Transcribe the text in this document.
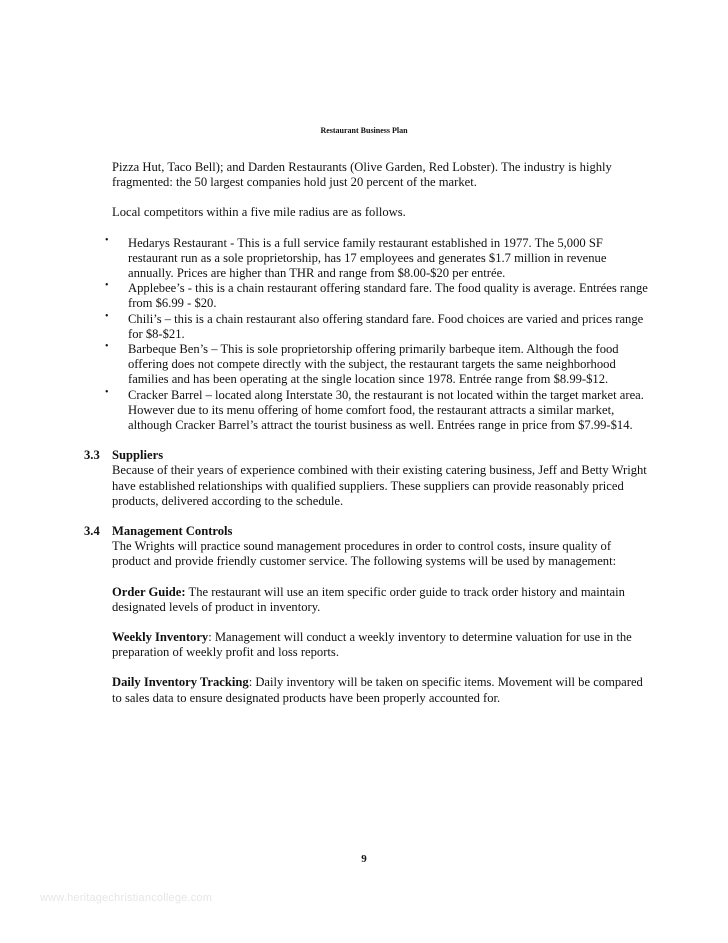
Restaurant Business Plan

Pizza Hut, Taco Bell); and Darden Restaurants (Olive Garden, Red Lobster). The industry is highly fragmented: the 50 largest companies hold just 20 percent of the market.

Local competitors within a five mile radius are as follows.

• Hedarys Restaurant - This is a full service family restaurant established in 1977. The 5,000 SF restaurant run as a sole proprietorship, has 17 employees and generates $1.7 million in revenue annually. Prices are higher than THR and range from $8.00-$20 per entrée.
• Applebee’s - this is a chain restaurant offering standard fare. The food quality is average. Entrées range from $6.99 - $20.
• Chili’s – this is a chain restaurant also offering standard fare. Food choices are varied and prices range for $8-$21.
• Barbeque Ben’s – This is sole proprietorship offering primarily barbeque item. Although the food offering does not compete directly with the subject, the restaurant targets the same neighborhood families and has been operating at the single location since 1978. Entrée range from $8.99-$12.
• Cracker Barrel – located along Interstate 30, the restaurant is not located within the target market area. However due to its menu offering of home comfort food, the restaurant attracts a similar market, although Cracker Barrel’s attract the tourist business as well. Entrées range in price from $7.99-$14.
3.3 Suppliers

Because of their years of experience combined with their existing catering business, Jeff and Betty Wright have established relationships with qualified suppliers. These suppliers can provide reasonably priced products, delivered according to the schedule.

3.4 Management Controls

The Wrights will practice sound management procedures in order to control costs, insure quality of product and provide friendly customer service. The following systems will be used by management:

Order Guide: The restaurant will use an item specific order guide to track order history and maintain designated levels of product in inventory.

Weekly Inventory: Management will conduct a weekly inventory to determine valuation for use in the preparation of weekly profit and loss reports.

Daily Inventory Tracking: Daily inventory will be taken on specific items. Movement will be compared to sales data to ensure designated products have been properly accounted for.

9
www.heritagechristiancollege.com
